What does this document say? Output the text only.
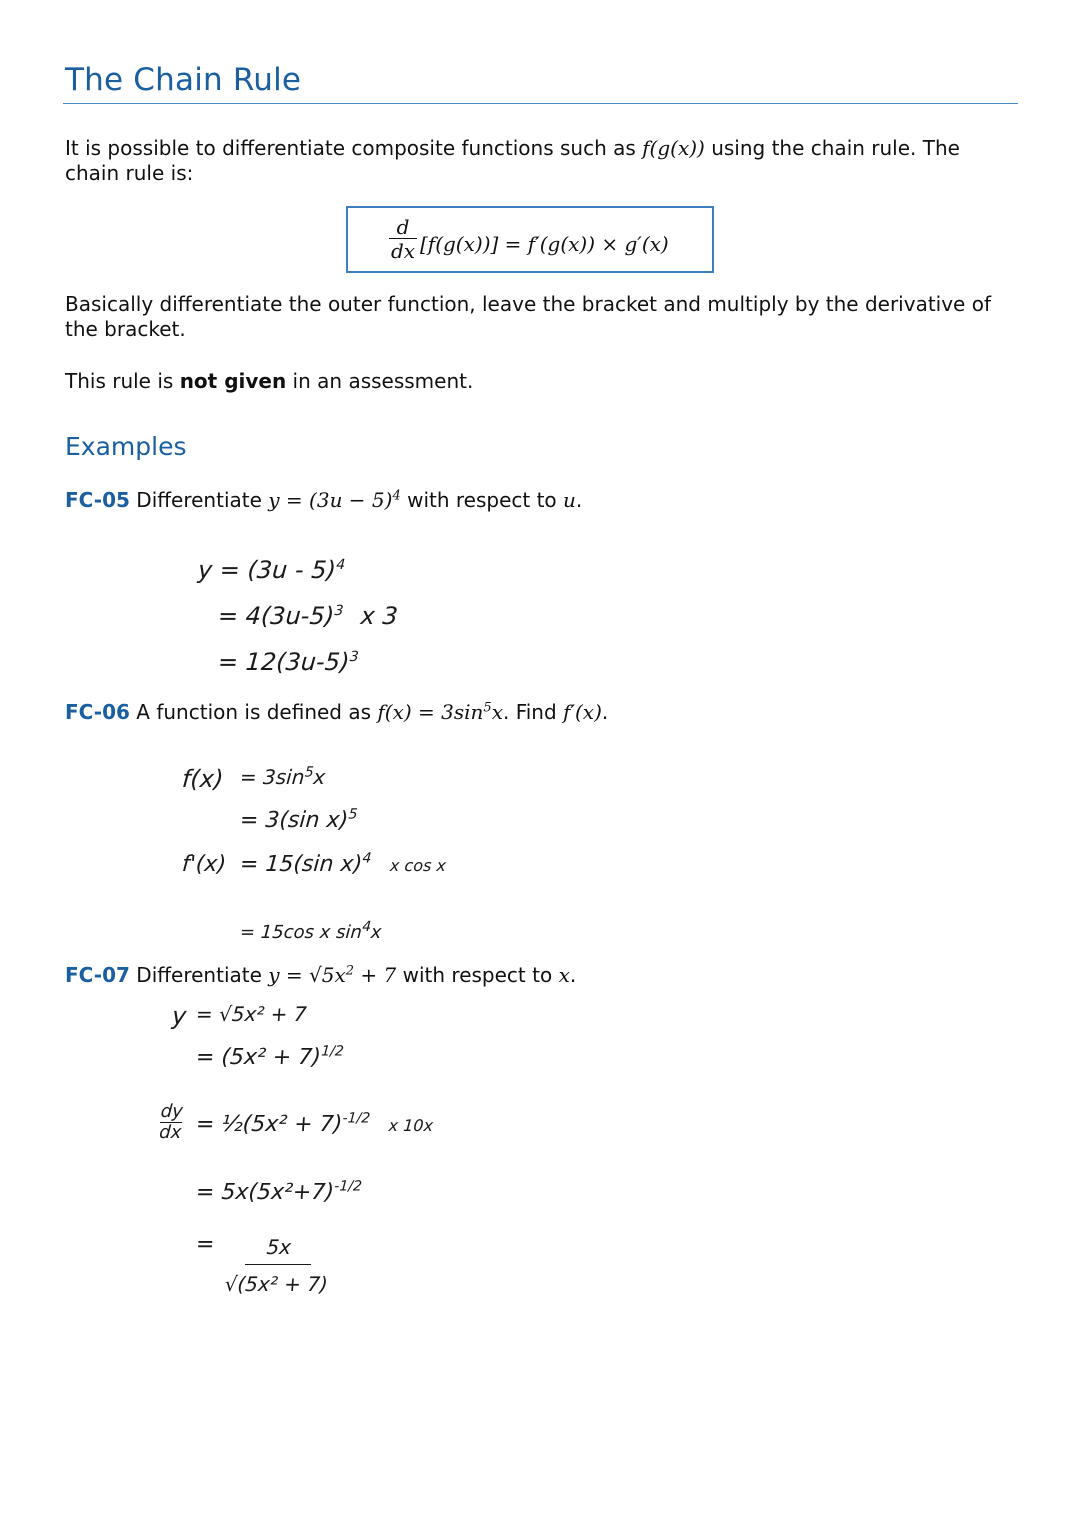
The Chain Rule
It is possible to differentiate composite functions such as f(g(x)) using the chain rule. The chain rule is:
d
dx [f(g(x))] = f′(g(x)) × g′(x)
Basically differentiate the outer function, leave the bracket and multiply by the derivative of the bracket.
This rule is not given in an assessment.
Examples
FC-05 Differentiate $y = (3u - 5)^4$ with respect to u.
y = (3u - 5)$^4$
= $4(3u-5)^3$ x 3
= $12(3u-5)^3$
FC-06 A function is defined as $f(x) = 3\sin^5x$. Find f′(x).
$f(x) = 3\sin^5x$
= 3(sin x)$^5$
f'(x) = 15(sin x)$^4$ x cos x
= 15cos x $\sin^4x$
FC-07 Differentiate $y = √5x^2 + 7$ with respect to x.
y = √5x² + 7
= $(5x^2 + 7)^{1/2}$
dy
dx = ½(5x² + 7)$^{-1/2}$ x 10x
= $5x(5x^2+7)^{-1/2}$
=	5x
√(5x² + 7)
